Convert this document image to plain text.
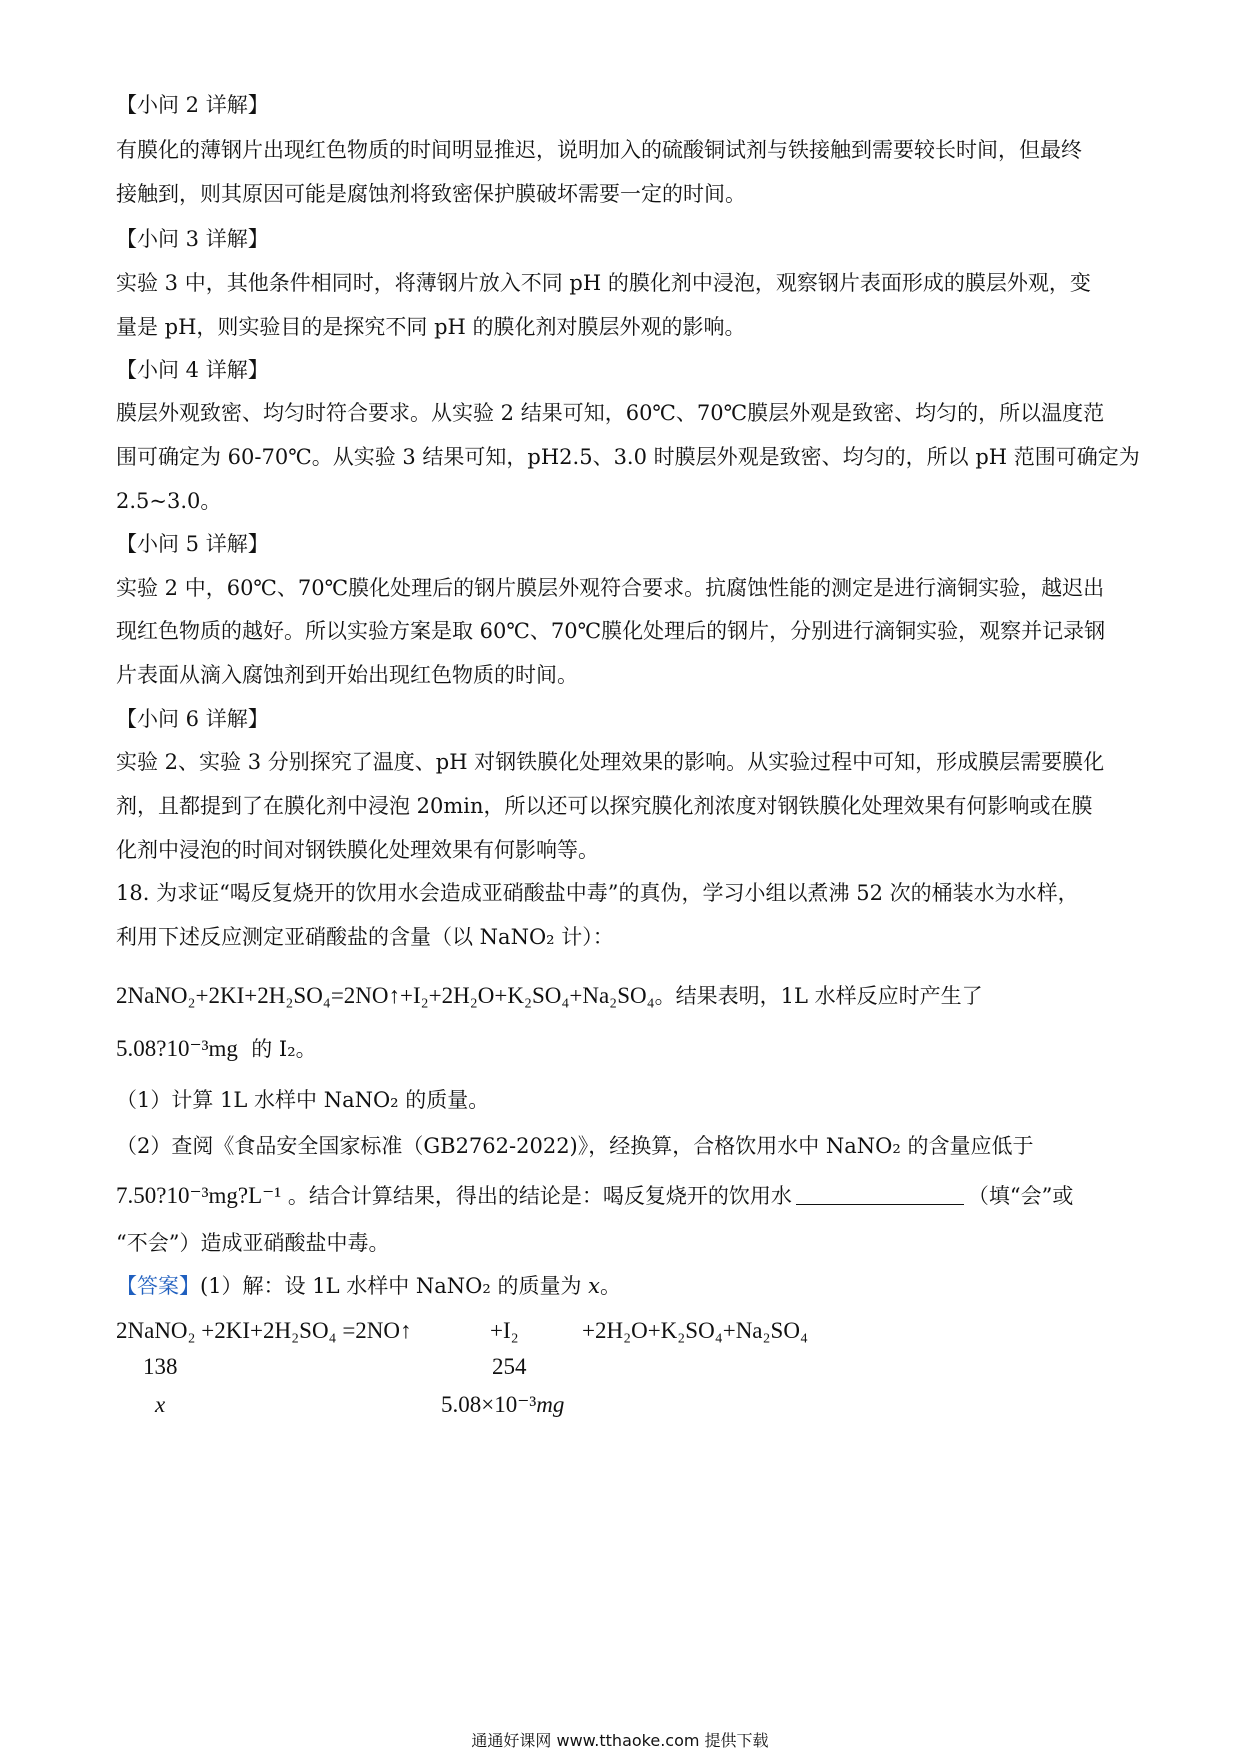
【小问 2 详解】
有膜化的薄钢片出现红色物质的时间明显推迟，说明加入的硫酸铜试剂与铁接触到需要较长时间，但最终
接触到，则其原因可能是腐蚀剂将致密保护膜破坏需要一定的时间。
【小问 3 详解】
实验 3 中，其他条件相同时，将薄钢片放入不同 pH 的膜化剂中浸泡，观察钢片表面形成的膜层外观，变
量是 pH，则实验目的是探究不同 pH 的膜化剂对膜层外观的影响。
【小问 4 详解】
膜层外观致密、均匀时符合要求。从实验 2 结果可知，60℃、70℃膜层外观是致密、均匀的，所以温度范
围可确定为 60-70℃。从实验 3 结果可知，pH2.5、3.0 时膜层外观是致密、均匀的，所以 pH 范围可确定为
2.5~3.0。
【小问 5 详解】
实验 2 中，60℃、70℃膜化处理后的钢片膜层外观符合要求。抗腐蚀性能的测定是进行滴铜实验，越迟出
现红色物质的越好。所以实验方案是取 60℃、70℃膜化处理后的钢片，分别进行滴铜实验，观察并记录钢
片表面从滴入腐蚀剂到开始出现红色物质的时间。
【小问 6 详解】
实验 2、实验 3 分别探究了温度、pH 对钢铁膜化处理效果的影响。从实验过程中可知，形成膜层需要膜化
剂，且都提到了在膜化剂中浸泡 20min，所以还可以探究膜化剂浓度对钢铁膜化处理效果有何影响或在膜
化剂中浸泡的时间对钢铁膜化处理效果有何影响等。
18. 为求证“喝反复烧开的饮用水会造成亚硝酸盐中毒”的真伪，学习小组以煮沸 52 次的桶装水为水样，
利用下述反应测定亚硝酸盐的含量（以 NaNO₂ 计）：
2NaNO₂+2KI+2H₂SO₄=2NO↑+I₂+2H₂O+K₂SO₄+Na₂SO₄。结果表明，1L 水样反应时产生了
5.08?10⁻³mg 的 I₂。
（1）计算 1L 水样中 NaNO₂ 的质量。
（2）查阅《食品安全国家标准（GB2762-2022)》，经换算，合格饮用水中 NaNO₂ 的含量应低于
7.50?10⁻³mg?L⁻¹ 。结合计算结果，得出的结论是：喝反复烧开的饮用水	（填“会”或
“不会”）造成亚硝酸盐中毒。
【答案】(1）解：设 1L 水样中 NaNO₂ 的质量为 x。
2NaNO₂ +2KI+2H₂SO₄ =2NO↑	+I₂	+2H₂O+K₂SO₄+Na₂SO₄
138	254
x	5.08×10⁻³mg
通通好课网 www.tthaoke.com 提供下载
